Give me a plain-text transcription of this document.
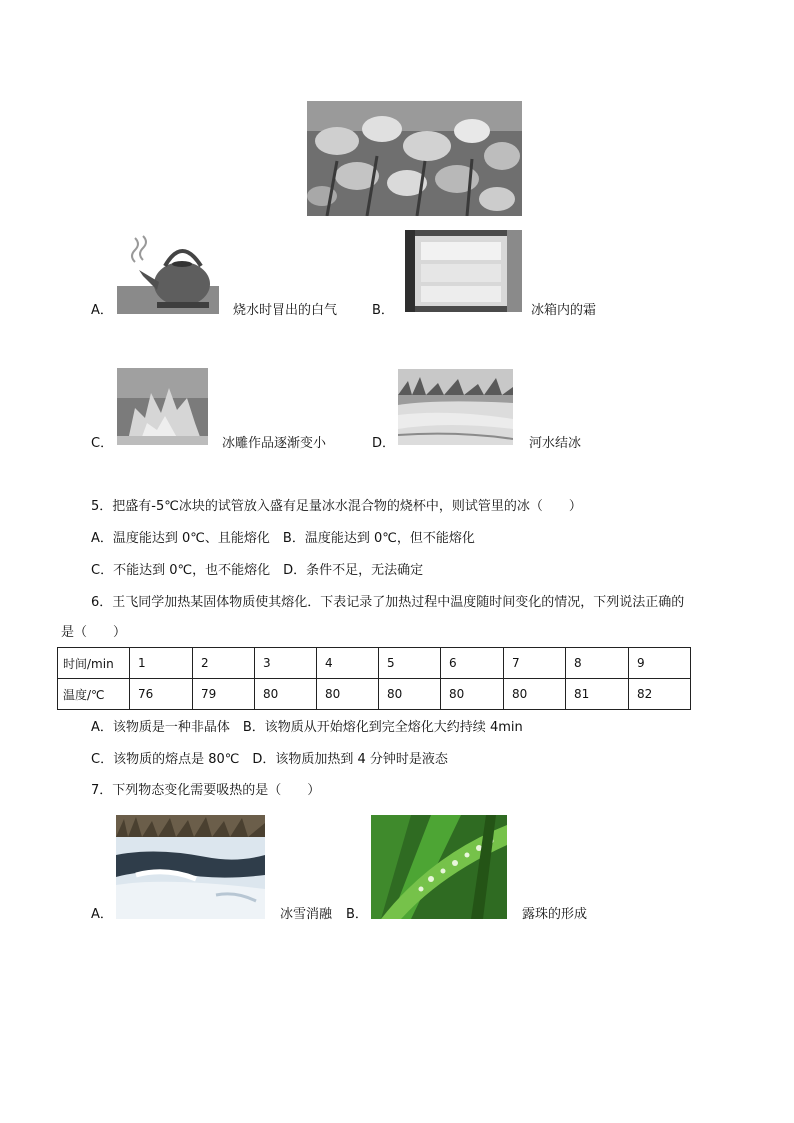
A．	烧水时冒出的白气	B．	冰箱内的霜
C．	冰雕作品逐渐变小	D．	河水结冰
5．把盛有-5℃冰块的试管放入盛有足量冰水混合物的烧杯中，则试管里的冰（　　）
A．温度能达到 0℃、且能熔化　B．温度能达到 0℃，但不能熔化
C．不能达到 0℃，也不能熔化　D．条件不足，无法确定
6．王飞同学加热某固体物质使其熔化．下表记录了加热过程中温度随时间变化的情况，下列说法正确的
是（　　）
时间/min	1	2	3	4	5	6	7	8	9
温度/℃	76	79	80	80	80	80	80	81	82
A．该物质是一种非晶体　B．该物质从开始熔化到完全熔化大约持续 4min
C．该物质的熔点是 80℃　D．该物质加热到 4 分钟时是液态
7．下列物态变化需要吸热的是（　　）
A．	冰雪消融 B．	露珠的形成
